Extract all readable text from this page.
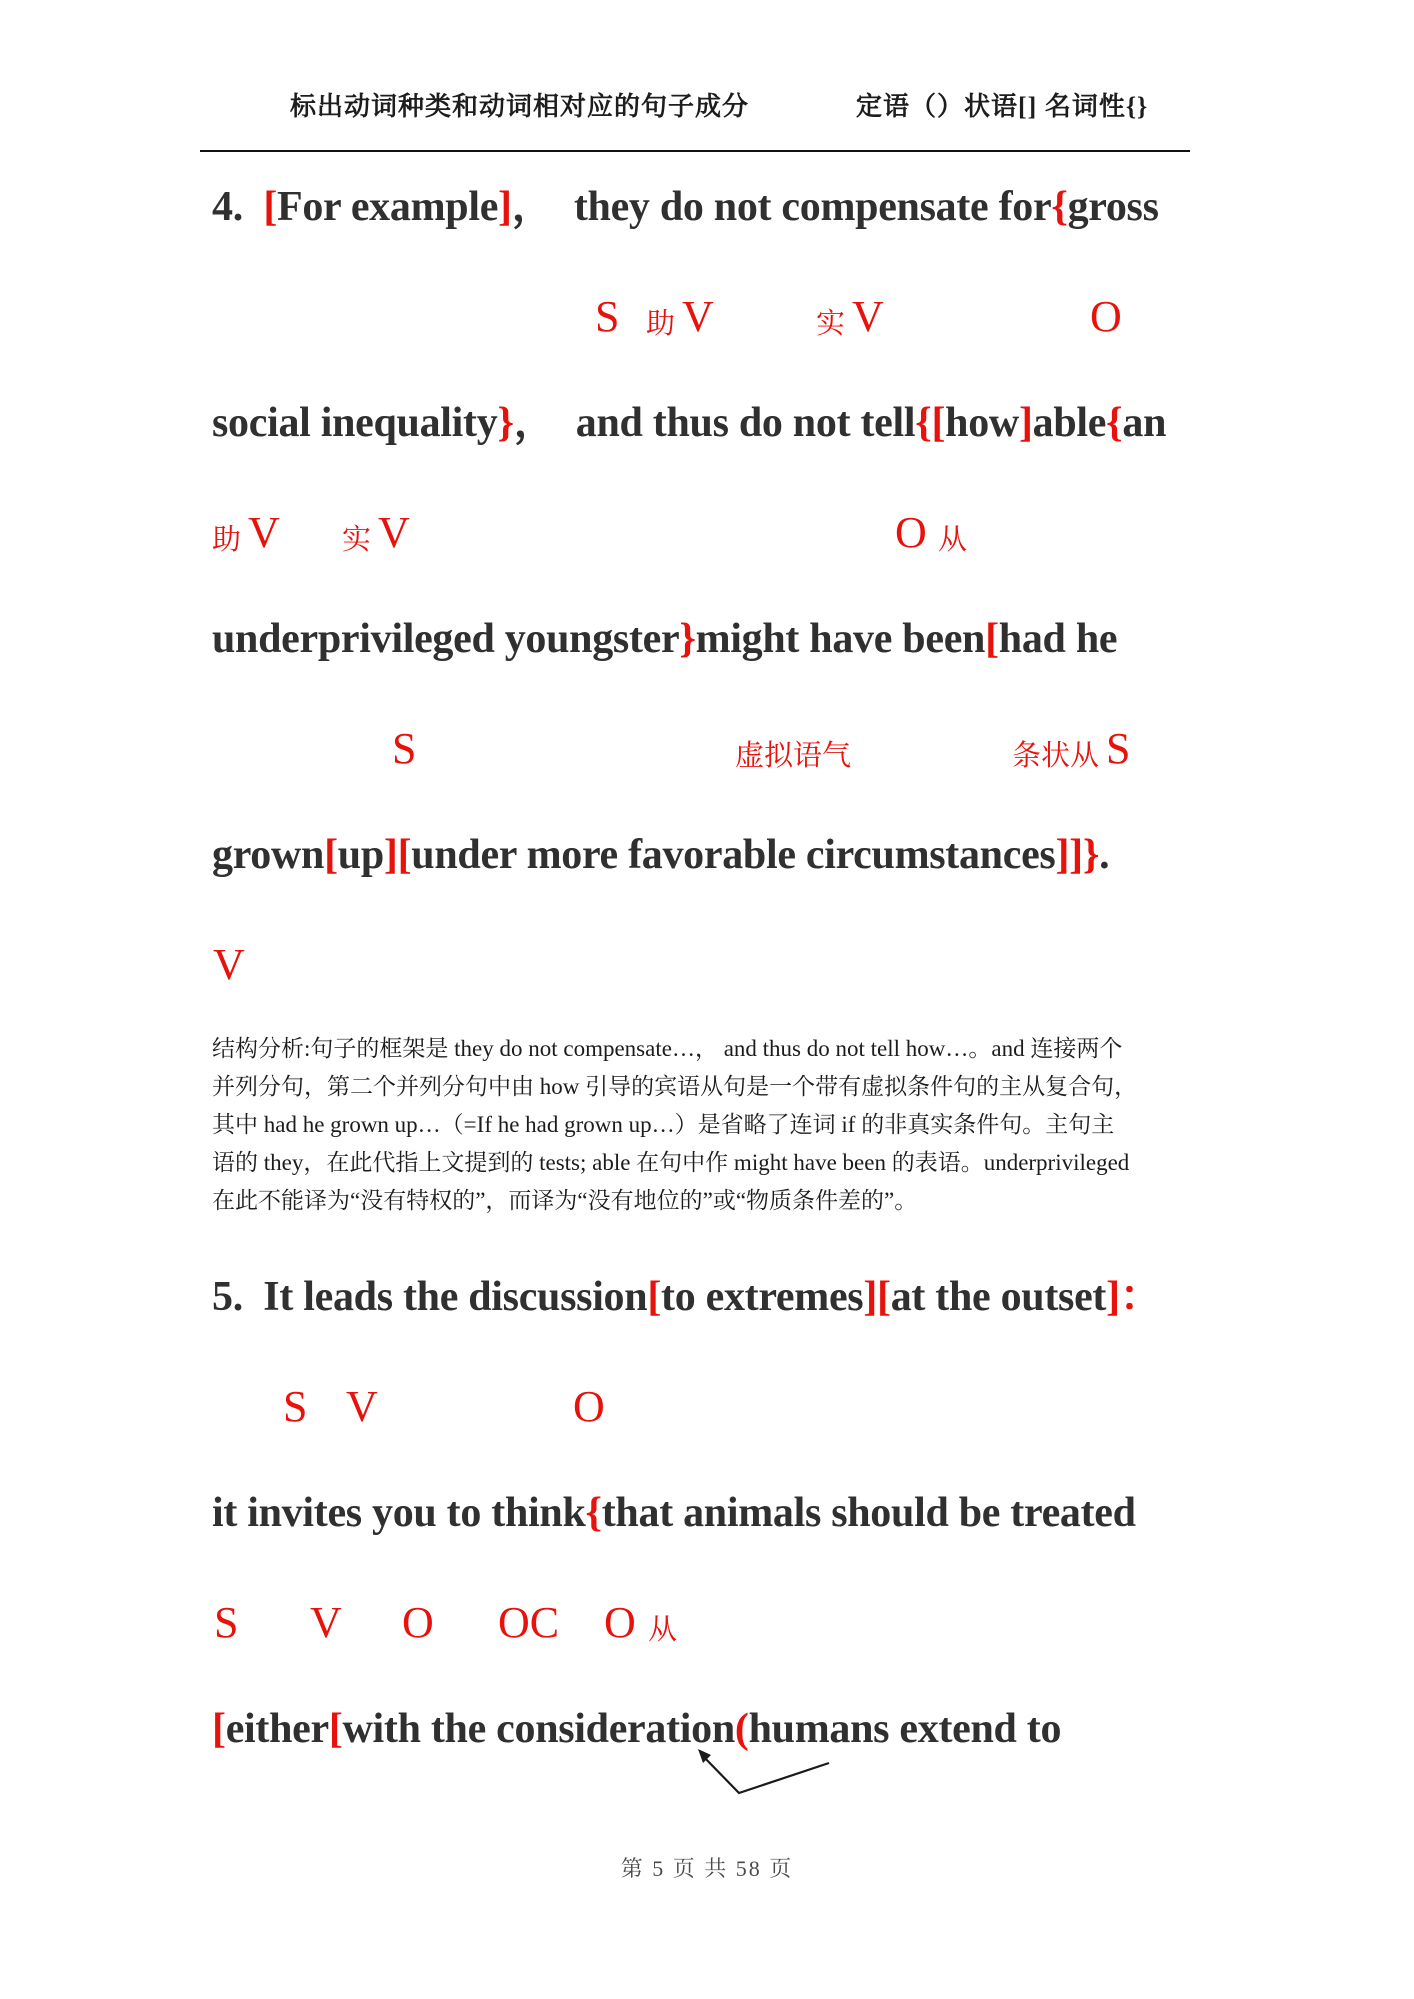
标出动词种类和动词相对应的句子成分	定语（）状语[] 名词性{}
4.  [For example]，  they do not compensate for{gross
S 助 V	实 V	O
social inequality}，  and thus do not tell{[how]able{an
助 V 实 V	O 从
underprivileged youngster}might have been[had he
S	虚拟语气	条状从 S
grown[up][under more favorable circumstances]]}.
V
结构分析:句子的框架是 they do not compensate…， and thus do not tell how…。and 连接两个
并列分句，第二个并列分句中由 how 引导的宾语从句是一个带有虚拟条件句的主从复合句，
其中 had he grown up…（=If he had grown up…）是省略了连词 if 的非真实条件句。主句主
语的 they，在此代指上文提到的 tests; able 在句中作 might have been 的表语。underprivileged
在此不能译为“没有特权的”，而译为“没有地位的”或“物质条件差的”。
5.  It leads the discussion[to extremes][at the outset]：
S V	O
it invites you to think{that animals should be treated
S V O OC O 从
[either[with the consideration(humans extend to
第 5 页 共 58 页
